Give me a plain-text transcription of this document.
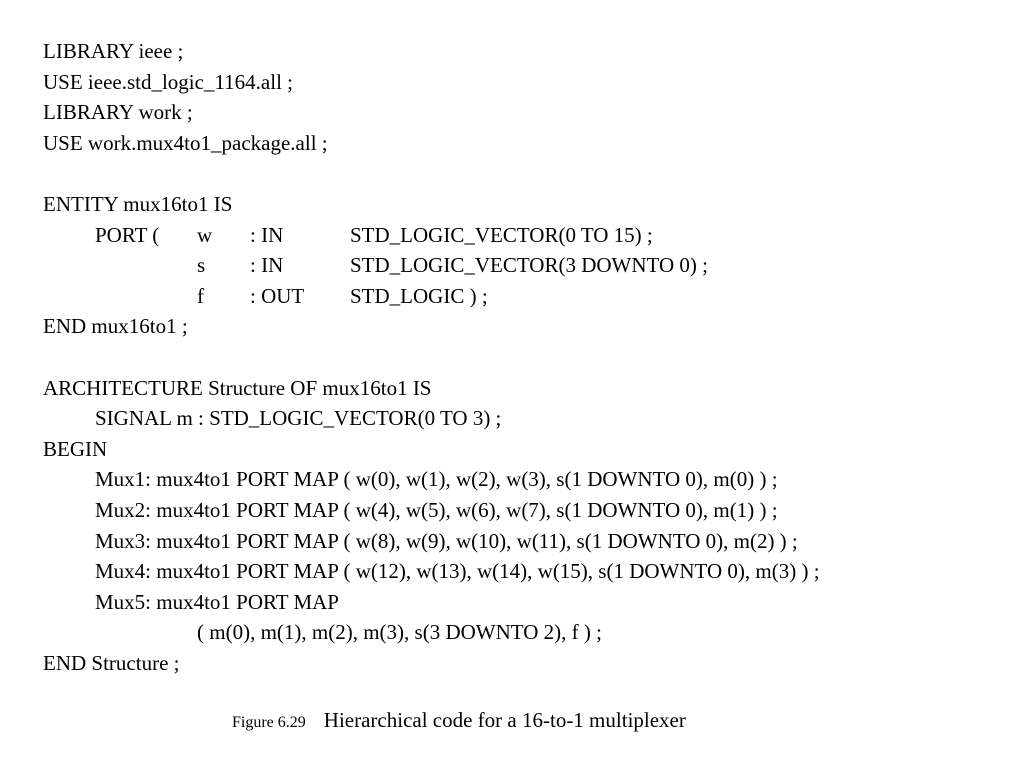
LIBRARY ieee ;
USE ieee.std_logic_1164.all ;
LIBRARY work ;
USE work.mux4to1_package.all ;
ENTITY mux16to1 IS
PORT ( w : IN	STD_LOGIC_VECTOR(0 TO 15) ;
s : IN	STD_LOGIC_VECTOR(3 DOWNTO 0) ;
f : OUT STD_LOGIC ) ;
END mux16to1 ;
ARCHITECTURE Structure OF mux16to1 IS
SIGNAL m : STD_LOGIC_VECTOR(0 TO 3) ;
BEGIN
Mux1: mux4to1 PORT MAP ( w(0), w(1), w(2), w(3), s(1 DOWNTO 0), m(0) ) ;
Mux2: mux4to1 PORT MAP ( w(4), w(5), w(6), w(7), s(1 DOWNTO 0), m(1) ) ;
Mux3: mux4to1 PORT MAP ( w(8), w(9), w(10), w(11), s(1 DOWNTO 0), m(2) ) ;
Mux4: mux4to1 PORT MAP ( w(12), w(13), w(14), w(15), s(1 DOWNTO 0), m(3) ) ;
Mux5: mux4to1 PORT MAP
( m(0), m(1), m(2), m(3), s(3 DOWNTO 2), f ) ;
END Structure ;
Figure 6.29 Hierarchical code for a 16-to-1 multiplexer
